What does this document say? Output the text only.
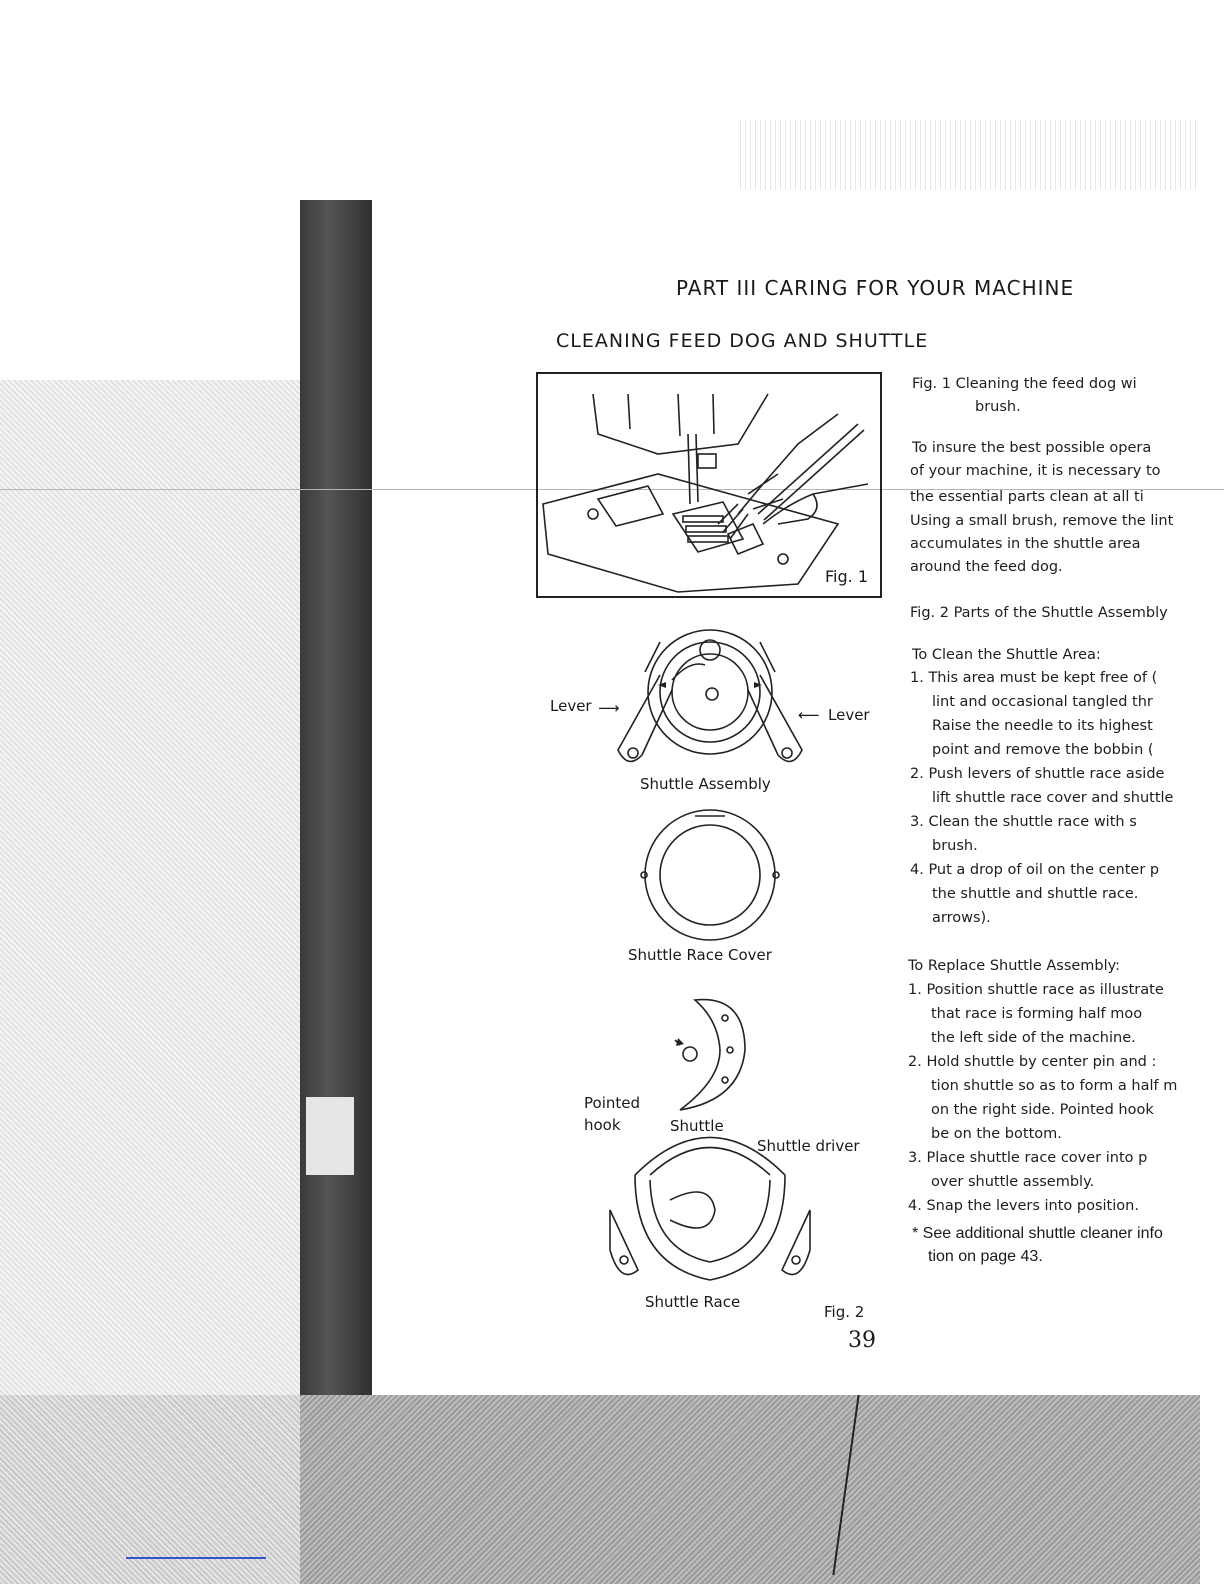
PART III CARING FOR YOUR MACHINE
CLEANING FEED DOG AND SHUTTLE
Fig. 1
Lever ⟶	⟵ Lever
Shuttle Assembly
Shuttle Race Cover
Pointed
hook	Shuttle
Shuttle driver
Shuttle Race
Fig. 2
39
Fig. 1 Cleaning the feed dog wi
brush.
To insure the best possible opera
of your machine, it is necessary to
the essential parts clean at all ti
Using a small brush, remove the lint
accumulates in the shuttle area
around the feed dog.
Fig. 2 Parts of the Shuttle Assembly
To Clean the Shuttle Area:
1. This area must be kept free of (
lint and occasional tangled thr
Raise the needle to its highest
point and remove the bobbin (
2. Push levers of shuttle race aside
lift shuttle race cover and shuttle
3. Clean the shuttle race with s
brush.
4. Put a drop of oil on the center p
the shuttle and shuttle race.
arrows).
To Replace Shuttle Assembly:
1. Position shuttle race as illustrate
that race is forming half moo
the left side of the machine.
2. Hold shuttle by center pin and :
tion shuttle so as to form a half m
on the right side. Pointed hook
be on the bottom.
3. Place shuttle race cover into p
over shuttle assembly.
4. Snap the levers into position.
* See additional shuttle cleaner info
tion on page 43.
